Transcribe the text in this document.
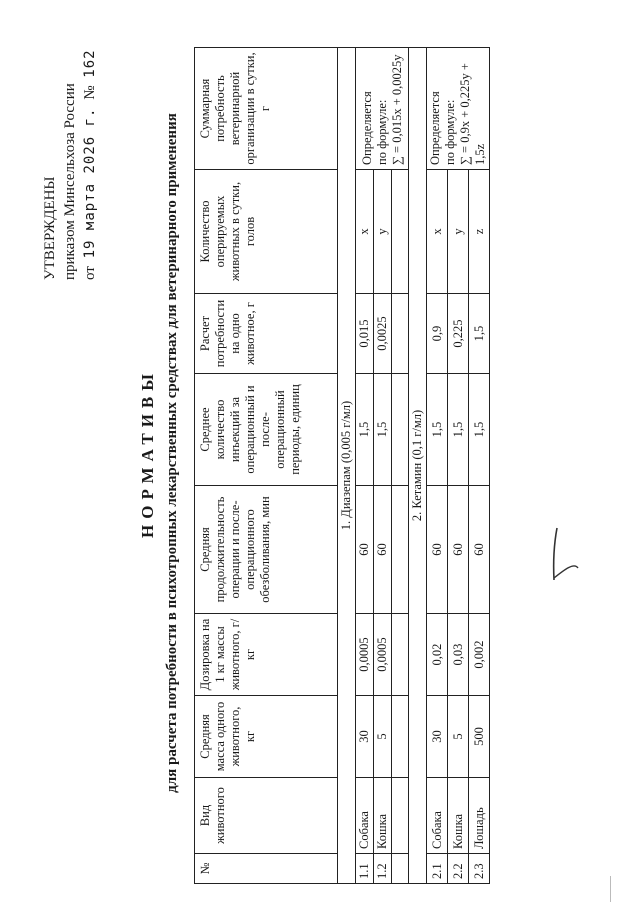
УТВЕРЖДЕНЫ приказом Минсельхоза России от 19 марта 2026 г. № 162
НОРМАТИВЫ для расчета потребности в психотропных лекарственных средствах для ветеринарного применения
№	Вид животного	Средняя масса одного животного, кг	Дозировка на 1 кг массы животного, г/кг	Средняя продолжительность операции и после-операционного обезболивания, мин	Среднее количество инъекций за операционный и после-операционный периоды, единиц	Расчет потребности на одно животное, г	Количество оперируемых животных в сутки, голов	Суммарная потребность ветеринарной организации в сутки, г
1. Диазепам (0,005 г/мл)								
1.1	Собака	30	0,0005	60	1,5	0,015	x	Определяется по формуле: ∑ = 0,015x + 0,0025y

1.2	Кошка	5	0,0005	60	1,5	0,0025	y	

2. Кетамин (0,1 г/мл)								
2.1	Собака	30	0,02	60	1,5	0,9	x	Определяется по формуле: ∑ = 0,9x + 0,225y + 1,5z

2.2	Кошка	5	0,03	60	1,5	0,225	y	
2.3	Лошадь	500	0,002	60	1,5	1,5	z	
